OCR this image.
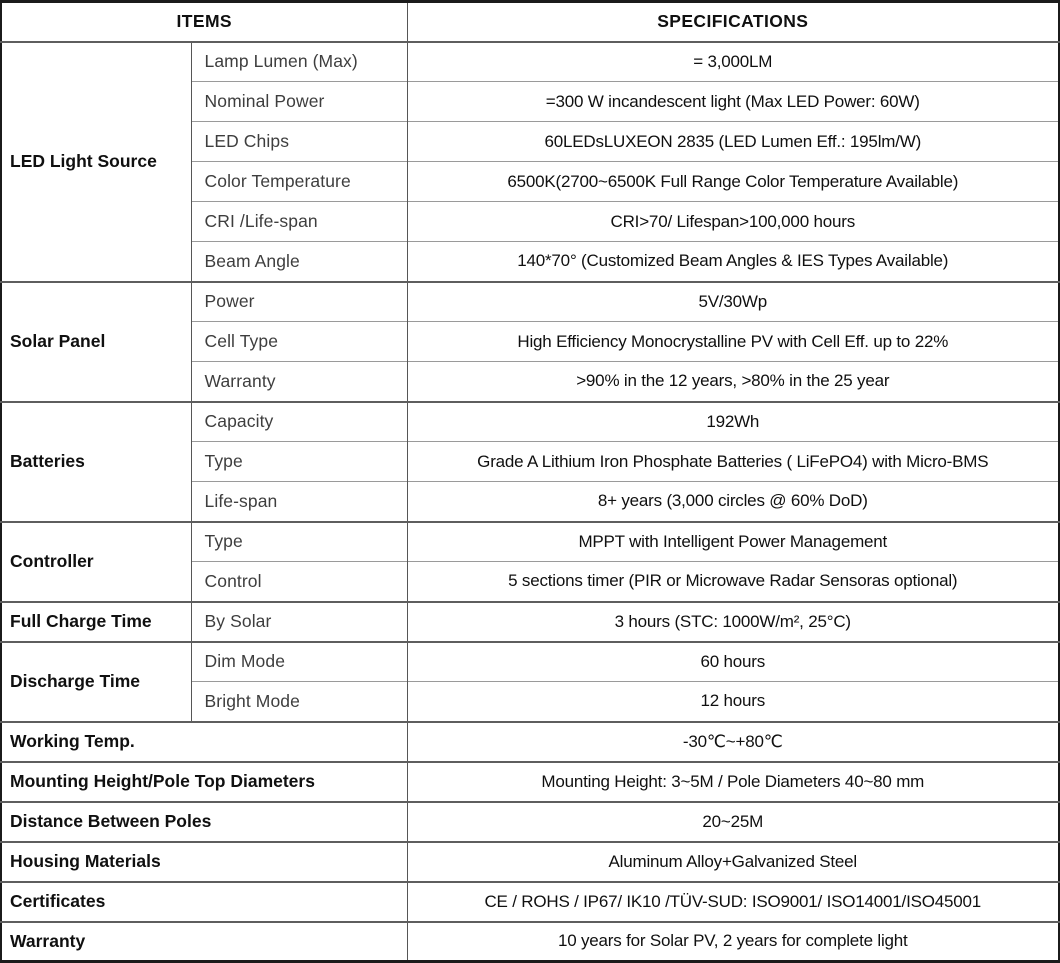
ITEMS		SPECIFICATIONS
LED Light Source	Lamp Lumen (Max)	= 3,000LM
	Nominal Power	=300 W incandescent light (Max LED Power: 60W)
	LED Chips	60LEDsLUXEON 2835 (LED Lumen Eff.: 195lm/W)
	Color Temperature	6500K(2700~6500K Full Range Color Temperature Available)
	CRI /Life-span	CRI>70/ Lifespan>100,000 hours
	Beam Angle	140*70° (Customized Beam Angles & IES Types Available)
Solar Panel	Power	5V/30Wp
	Cell Type	High Efficiency Monocrystalline PV with Cell Eff. up to 22%
	Warranty	>90% in the 12 years, >80% in the 25 year
Batteries	Capacity	192Wh
	Type	Grade A Lithium Iron Phosphate Batteries ( LiFePO4) with Micro-BMS
	Life-span	8+ years (3,000 circles @ 60% DoD)
Controller	Type	MPPT with Intelligent Power Management
	Control	5 sections timer (PIR or Microwave Radar Sensoras optional)
Full Charge Time	By Solar	3 hours (STC: 1000W/m², 25°C)
Discharge Time	Dim Mode	60 hours
	Bright Mode	12 hours
Working Temp.		-30℃~+80℃
Mounting Height/Pole Top Diameters		Mounting Height: 3~5M / Pole Diameters 40~80 mm
Distance Between Poles		20~25M
Housing Materials		Aluminum Alloy+Galvanized Steel
Certificates		CE / ROHS / IP67/ IK10 /TÜV-SUD: ISO9001/ ISO14001/ISO45001
Warranty		10 years for Solar PV, 2 years for complete light
